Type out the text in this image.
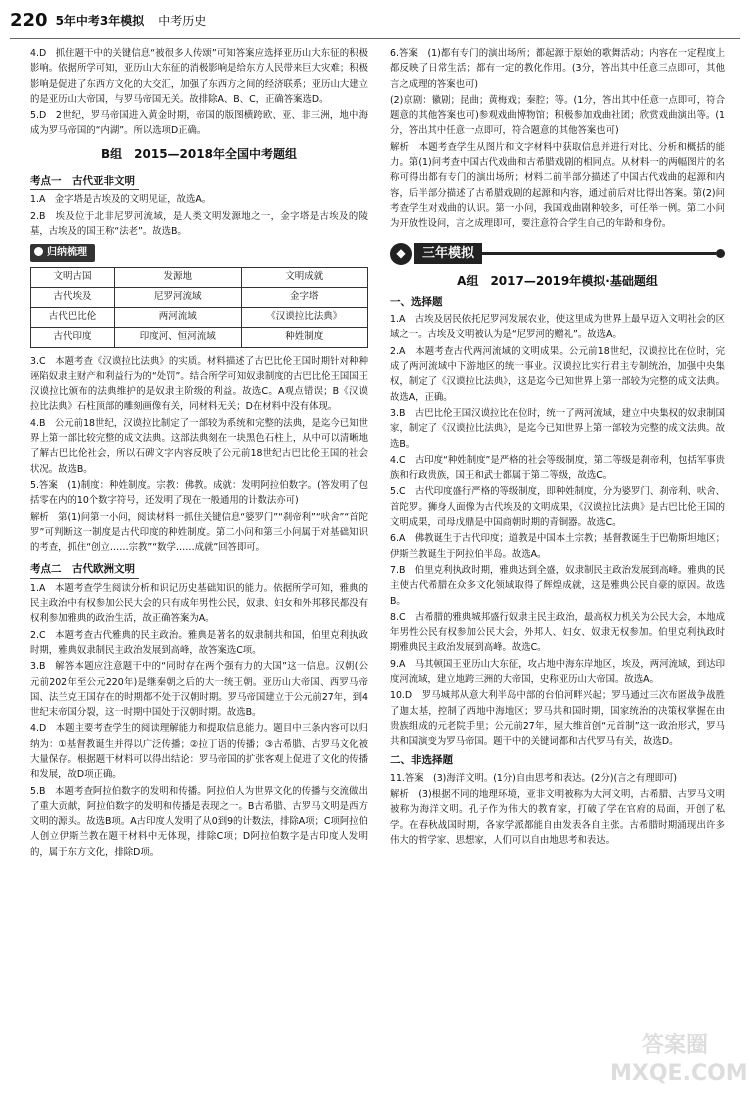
220 5年中考3年模拟 中考历史

4.D　抓住题干中的关键信息“被很多人传颂”可知答案应选择亚历山大东征的积极影响。依据所学可知，亚历山大东征的消极影响是给东方人民带来巨大灾难；积极影响是促进了东西方文化的大交汇，加强了东西方之间的经济联系；亚历山大建立的是亚历山大帝国，与罗马帝国无关。故排除A、B、C，正确答案选D。

5.D　2世纪，罗马帝国进入黄金时期，帝国的版图横跨欧、亚、非三洲，地中海成为罗马帝国的“内湖”。所以选项D正确。

B组　2015—2018年全国中考题组
考点一　古代亚非文明

1.A　金字塔是古埃及的文明见证，故选A。

2.B　埃及位于北非尼罗河流域，是人类文明发源地之一，金字塔是古埃及的陵墓，古埃及的国王称“法老”。故选B。

归纳梳理
文明古国	发源地	文明成就
古代埃及	尼罗河流域	金字塔
古代巴比伦	两河流域	《汉谟拉比法典》
古代印度	印度河、恒河流域	种姓制度

3.C　本题考查《汉谟拉比法典》的实质。材料描述了古巴比伦王国时期针对种种诬陷奴隶主财产和利益行为的“处罚”。结合所学可知奴隶制度的古巴比伦王国国王汉谟拉比颁布的法典维护的是奴隶主阶级的利益。故选C。A观点错误；B《汉谟拉比法典》石柱顶部的雕刻画像有关，同材料无关；D在材料中没有体现。

4.B　公元前18世纪，汉谟拉比制定了一部较为系统和完整的法典，是迄今已知世界上第一部比较完整的成文法典。这部法典刻在一块黑色石柱上，从中可以清晰地了解古巴比伦社会，所以石碑文字内容反映了公元前18世纪古巴比伦王国的社会状况。故选B。

5.答案　(1)制度：种姓制度。宗教：佛教。成就：发明阿拉伯数字。(答发明了包括零在内的10个数字符号，还发明了现在一般通用的计数法亦可)

解析　第(1)问第一小问，阅读材料一抓住关键信息“婆罗门”“刹帝利”“吠舍”“首陀罗”可判断这一制度是古代印度的种姓制度。第二小问和第三小问属于对基础知识的考查，抓住“创立……宗教”“数学……成就”回答即可。

考点二　古代欧洲文明

1.A　本题考查学生阅读分析和识记历史基础知识的能力。依据所学可知，雅典的民主政治中有权参加公民大会的只有成年男性公民，奴隶、妇女和外邦移民都没有权利参加雅典的政治生活，故正确答案为A。

2.C　本题考查古代雅典的民主政治。雅典是著名的奴隶制共和国，伯里克利执政时期，雅典奴隶制民主政治发展到高峰，故答案选C项。

3.B　解答本题应注意题干中的“同时存在两个强有力的大国”这一信息。汉朝(公元前202年至公元220年)是继秦朝之后的大一统王朝。亚历山大帝国、西罗马帝国、法兰克王国存在的时期都不处于汉朝时期。罗马帝国建立于公元前27年，到4世纪末帝国分裂，这一时期中国处于汉朝时期。故选B。

4.D　本题主要考查学生的阅读理解能力和提取信息能力。题目中三条内容可以归纳为：①基督教诞生并得以广泛传播；②拉丁语的传播；③古希腊、古罗马文化被大量保存。根据题干材料可以得出结论：罗马帝国的扩张客观上促进了文化的传播和发展，故D项正确。

5.B　本题考查阿拉伯数字的发明和传播。阿拉伯人为世界文化的传播与交流做出了重大贡献，阿拉伯数字的发明和传播是表现之一。B古希腊、古罗马文明是西方文明的源头。故选B项。A古印度人发明了从0到9的计数法，排除A项；C项阿拉伯人创立伊斯兰教在题干材料中无体现，排除C项；D阿拉伯数字是古印度人发明的，属于东方文化，排除D项。

6.答案　(1)都有专门的演出场所；都起源于原始的歌舞活动；内容在一定程度上都反映了日常生活；都有一定的教化作用。(3分，答出其中任意三点即可，其他言之成理的答案也可)

(2)京剧：徽剧；昆曲；黄梅戏；秦腔；等。(1分，答出其中任意一点即可，符合题意的其他答案也可)参观戏曲博物馆；积极参加戏曲社团；欣赏戏曲演出等。(1分，答出其中任意一点即可，符合题意的其他答案也可)

解析　本题考查学生从图片和文字材料中获取信息并进行对比、分析和概括的能力。第(1)问考查中国古代戏曲和古希腊戏剧的相同点。从材料一的两幅图片的名称可得出都有专门的演出场所；材料二前半部分描述了中国古代戏曲的起源和内容，后半部分描述了古希腊戏剧的起源和内容，通过前后对比得出答案。第(2)问考查学生对戏曲的认识。第一小问，我国戏曲剧种较多，可任举一例。第二小问为开放性设问，言之成理即可，要注意符合学生自己的年龄和身份。

◆	三年模拟
A组　2017—2019年模拟·基础题组
一、选择题

1.A　古埃及居民依托尼罗河发展农业，使这里成为世界上最早迈入文明社会的区域之一。古埃及文明被认为是“尼罗河的赠礼”。故选A。

2.A　本题考查古代两河流域的文明成果。公元前18世纪，汉谟拉比在位时，完成了两河流域中下游地区的统一事业。汉谟拉比实行君主专制统治，加强中央集权，制定了《汉谟拉比法典》，这是迄今已知世界上第一部较为完整的成文法典。故选A，正确。

3.B　古巴比伦王国汉谟拉比在位时，统一了两河流域，建立中央集权的奴隶制国家，制定了《汉谟拉比法典》，是迄今已知世界上第一部较为完整的成文法典。故选B。

4.C　古印度“种姓制度”是严格的社会等级制度，第二等级是刹帝利，包括军事贵族和行政贵族，国王和武士都属于第二等级，故选C。

5.C　古代印度盛行严格的等级制度，即种姓制度，分为婆罗门、刹帝利、吠舍、首陀罗。狮身人面像为古代埃及的文明成果，《汉谟拉比法典》是古巴比伦王国的文明成果，司母戊鼎是中国商朝时期的青铜器。故选C。

6.A　佛教诞生于古代印度；道教是中国本土宗教；基督教诞生于巴勒斯坦地区；伊斯兰教诞生于阿拉伯半岛。故选A。

7.B　伯里克利执政时期，雅典达到全盛，奴隶制民主政治发展到高峰。雅典的民主使古代希腊在众多文化领域取得了辉煌成就，这是雅典公民自豪的原因。故选B。

8.C　古希腊的雅典城邦盛行奴隶主民主政治，最高权力机关为公民大会，本地成年男性公民有权参加公民大会，外邦人、妇女、奴隶无权参加。伯里克利执政时期雅典民主政治发展到高峰。故选C。

9.A　马其顿国王亚历山大东征，攻占地中海东岸地区，埃及，两河流域，到达印度河流域，建立地跨三洲的大帝国，史称亚历山大帝国。故选A。

10.D　罗马城邦从意大利半岛中部的台伯河畔兴起；罗马通过三次布匿战争战胜了迦太基，控制了西地中海地区；罗马共和国时期，国家统治的决策权掌握在由贵族组成的元老院手里；公元前27年，屋大维首创“元首制”这一政治形式，罗马共和国演变为罗马帝国。题干中的关键词都和古代罗马有关，故选D。

二、非选择题

11.答案　(3)海洋文明。(1分)自由思考和表达。(2分)(言之有理即可)

解析　(3)根据不同的地理环境，亚非文明被称为大河文明，古希腊、古罗马文明被称为海洋文明。孔子作为伟大的教育家，打破了学在官府的局面，开创了私学。在春秋战国时期，各家学派都能自由发表各自主张。古希腊时期涌现出许多伟大的哲学家、思想家，人们可以自由地思考和表达。

答案圈 MXQE.COM
